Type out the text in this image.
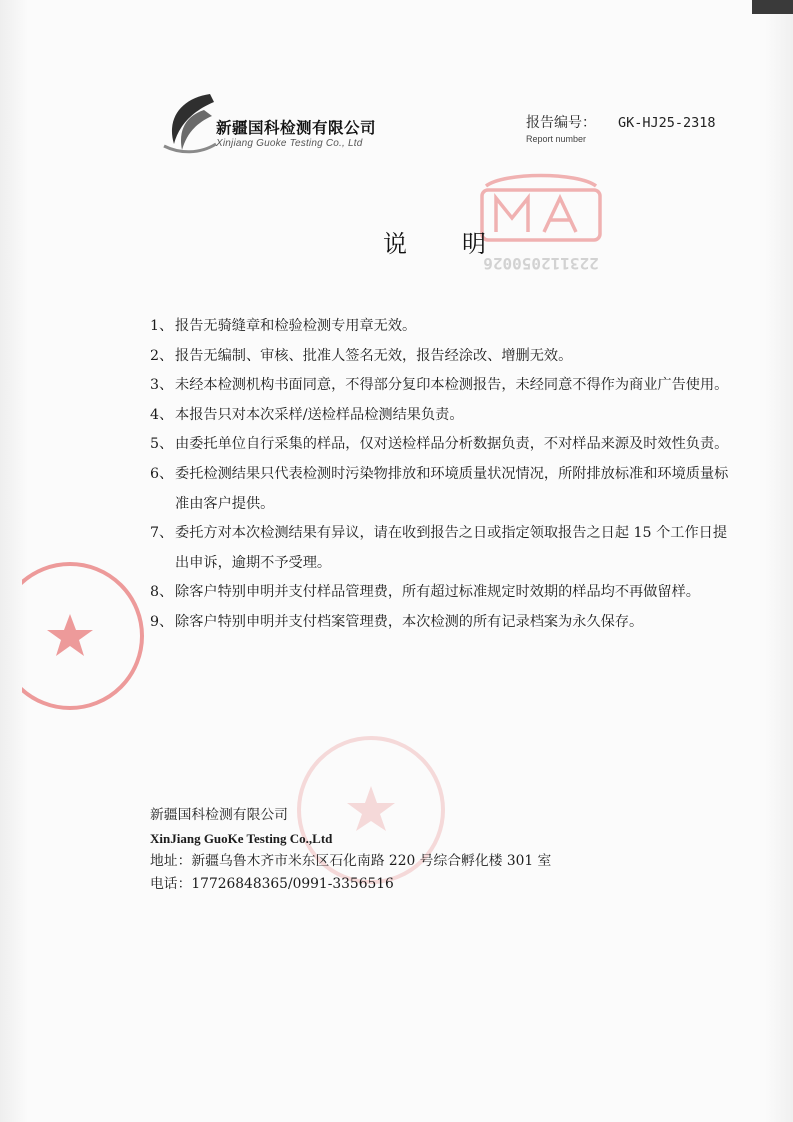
新疆国科检测有限公司
Xinjiang Guoke Testing Co., Ltd
报告编号： GK-HJ25-2318
Report number
223112050026
说明
1、 报告无骑缝章和检验检测专用章无效。
2、 报告无编制、审核、批准人签名无效，报告经涂改、增删无效。
3、 未经本检测机构书面同意，不得部分复印本检测报告，未经同意不得作为商业广告使用。
4、 本报告只对本次采样/送检样品检测结果负责。
5、 由委托单位自行采集的样品，仅对送检样品分析数据负责，不对样品来源及时效性负责。
6、 委托检测结果只代表检测时污染物排放和环境质量状况情况，所附排放标准和环境质量标准由客户提供。
7、 委托方对本次检测结果有异议，请在收到报告之日或指定领取报告之日起 15 个工作日提出申诉，逾期不予受理。
8、 除客户特别申明并支付样品管理费，所有超过标准规定时效期的样品均不再做留样。
9、 除客户特别申明并支付档案管理费，本次检测的所有记录档案为永久保存。
新疆国科检测有限公司
XinJiang GuoKe Testing Co.,Ltd
地址：新疆乌鲁木齐市米东区石化南路 220 号综合孵化楼 301 室
电话：17726848365/0991-3356516
